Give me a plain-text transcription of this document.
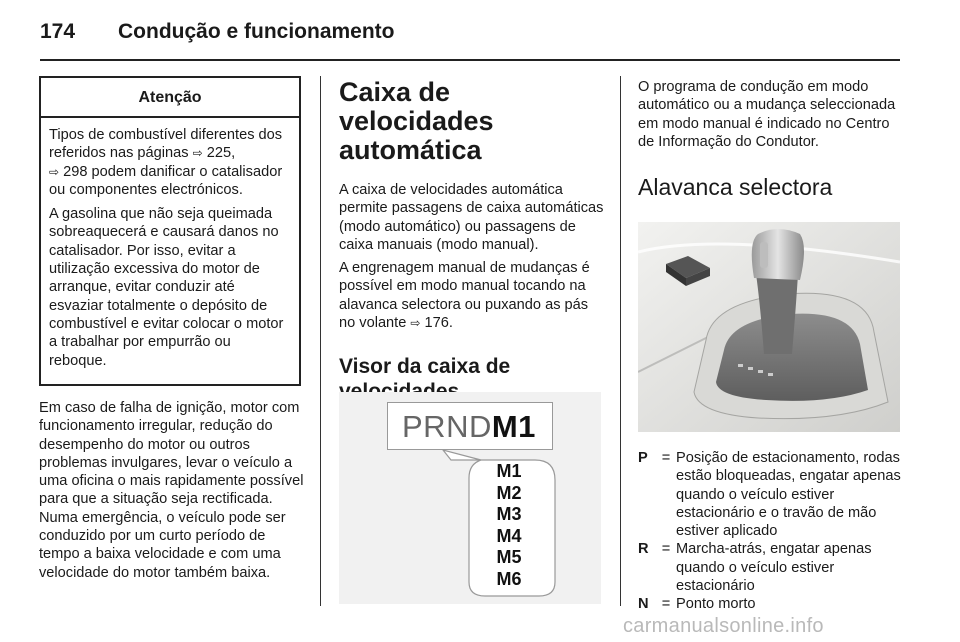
174 Condução e funcionamento
Atenção

Tipos de combustível diferentes dos referidos nas páginas ⇨ 225,
⇨ 298 podem danificar o catalisador ou componentes electrónicos.

A gasolina que não seja queimada sobreaquecerá e causará danos no catalisador. Por isso, evitar a utilização excessiva do motor de arranque, evitar conduzir até esvaziar totalmente o depósito de combustível e evitar colocar o motor a trabalhar por empurrão ou reboque.

Em caso de falha de ignição, motor com funcionamento irregular, redução do desempenho do motor ou outros problemas invulgares, levar o veículo a uma oficina o mais rapidamente possível para que a situação seja rectificada. Numa emergência, o veículo pode ser conduzido por um curto período de tempo a baixa velocidade e com uma velocidade do motor também baixa.

Caixa de velocidades automática

A caixa de velocidades automática permite passagens de caixa automáticas (modo automático) ou passagens de caixa manuais (modo manual).

A engrenagem manual de mudanças é possível em modo manual tocando na alavanca selectora ou puxando as pás no volante ⇨ 176.

Visor da caixa de
PRNDM1
M1
M2
M3
M4
M5
M6

O programa de condução em modo automático ou a mudança seleccionada em modo manual é indicado no Centro de Informação do Condutor.

Alavanca selectora
P = Posição de estacionamento, rodas estão bloqueadas, engatar apenas quando o veículo estiver estacionário e o travão de mão estiver aplicado
R = Marcha-atrás, engatar apenas quando o veículo estiver estacionário
N = Ponto morto
carmanualsonline.info
